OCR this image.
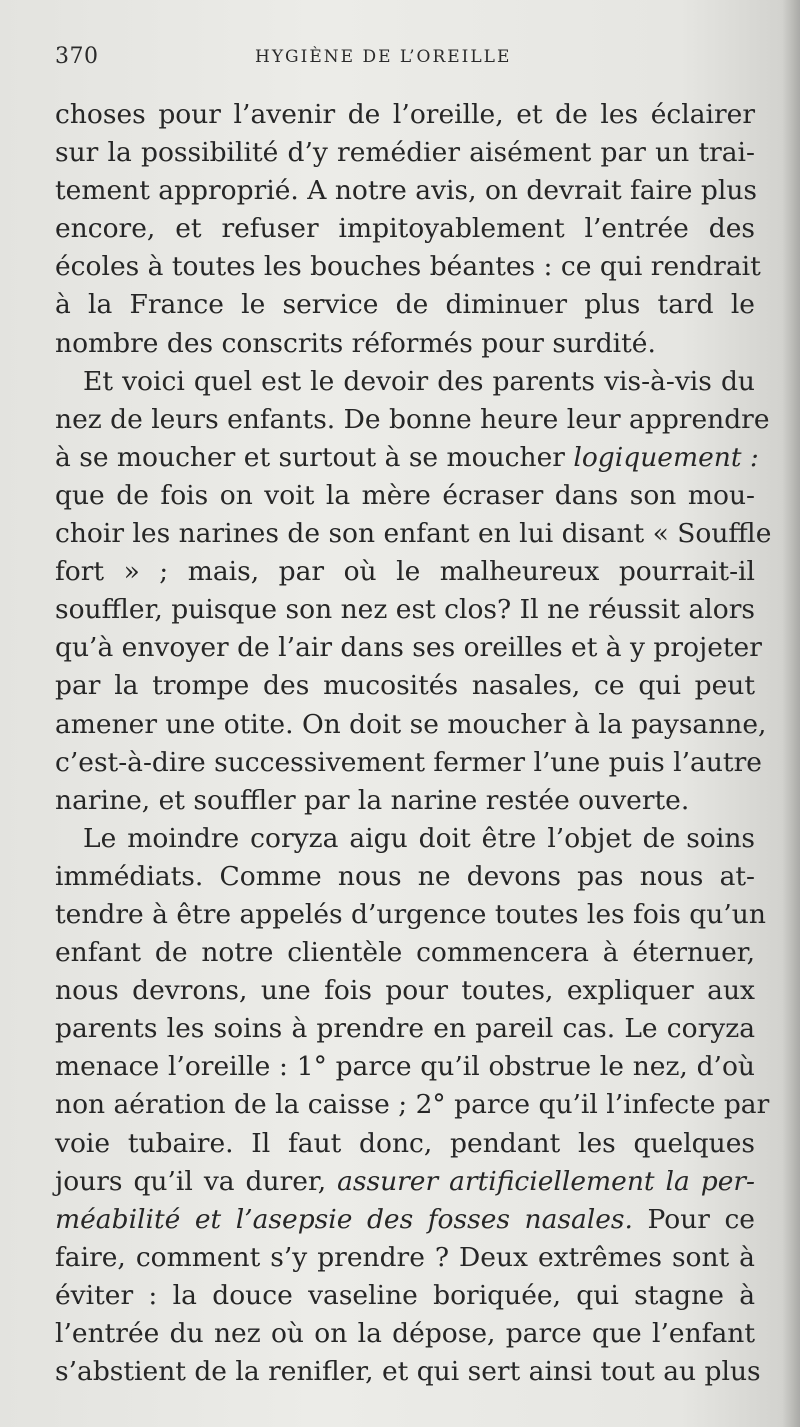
370	HYGIÈNE DE L’OREILLE
choses pour l’avenir de l’oreille, et de les éclairer
sur la possibilité d’y remédier aisément par un trai-
tement approprié. A notre avis, on devrait faire plus
encore, et refuser impitoyablement l’entrée des
écoles à toutes les bouches béantes : ce qui rendrait
à la France le service de diminuer plus tard le
nombre des conscrits réformés pour surdité.
Et voici quel est le devoir des parents vis-à-vis du
nez de leurs enfants. De bonne heure leur apprendre
à se moucher et surtout à se moucher logiquement :
que de fois on voit la mère écraser dans son mou-
choir les narines de son enfant en lui disant « Souffle
fort » ; mais, par où le malheureux pourrait-il
souffler, puisque son nez est clos? Il ne réussit alors
qu’à envoyer de l’air dans ses oreilles et à y projeter
par la trompe des mucosités nasales, ce qui peut
amener une otite. On doit se moucher à la paysanne,
c’est-à-dire successivement fermer l’une puis l’autre
narine, et souffler par la narine restée ouverte.
Le moindre coryza aigu doit être l’objet de soins
immédiats. Comme nous ne devons pas nous at-
tendre à être appelés d’urgence toutes les fois qu’un
enfant de notre clientèle commencera à éternuer,
nous devrons, une fois pour toutes, expliquer aux
parents les soins à prendre en pareil cas. Le coryza
menace l’oreille : 1° parce qu’il obstrue le nez, d’où
non aération de la caisse ; 2° parce qu’il l’infecte par
voie tubaire. Il faut donc, pendant les quelques
jours qu’il va durer, assurer artificiellement la per-
méabilité et l’asepsie des fosses nasales. Pour ce
faire, comment s’y prendre ? Deux extrêmes sont à
éviter : la douce vaseline boriquée, qui stagne à
l’entrée du nez où on la dépose, parce que l’enfant
s’abstient de la renifler, et qui sert ainsi tout au plus
